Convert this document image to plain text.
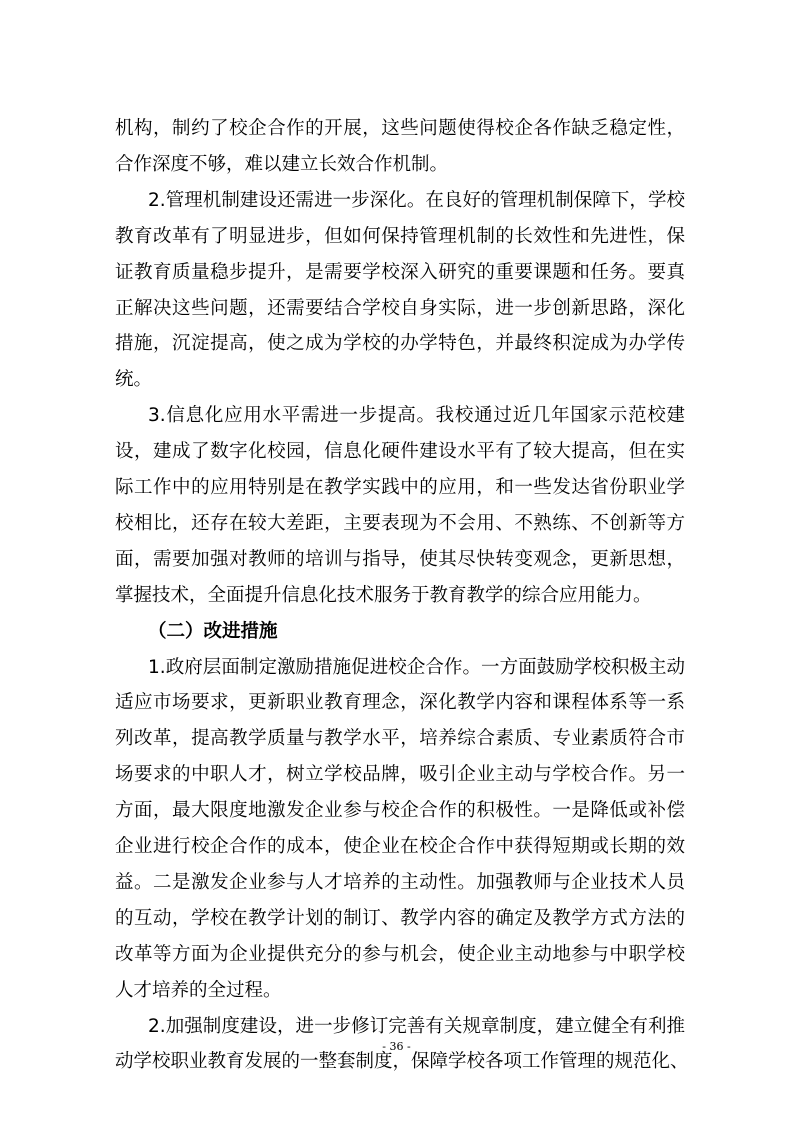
机构，制约了校企合作的开展，这些问题使得校企各作缺乏稳定性，
合作深度不够，难以建立长效合作机制。
2.管理机制建设还需进一步深化。在良好的管理机制保障下，学校
教育改革有了明显进步，但如何保持管理机制的长效性和先进性，保
证教育质量稳步提升，是需要学校深入研究的重要课题和任务。要真
正解决这些问题，还需要结合学校自身实际，进一步创新思路，深化
措施，沉淀提高，使之成为学校的办学特色，并最终积淀成为办学传
统。
3.信息化应用水平需进一步提高。我校通过近几年国家示范校建
设，建成了数字化校园，信息化硬件建设水平有了较大提高，但在实
际工作中的应用特别是在教学实践中的应用，和一些发达省份职业学
校相比，还存在较大差距，主要表现为不会用、不熟练、不创新等方
面，需要加强对教师的培训与指导，使其尽快转变观念，更新思想，
掌握技术，全面提升信息化技术服务于教育教学的综合应用能力。
（二）改进措施
1.政府层面制定激励措施促进校企合作。一方面鼓励学校积极主动
适应市场要求，更新职业教育理念，深化教学内容和课程体系等一系
列改革，提高教学质量与教学水平，培养综合素质、专业素质符合市
场要求的中职人才，树立学校品牌，吸引企业主动与学校合作。另一
方面，最大限度地激发企业参与校企合作的积极性。一是降低或补偿
企业进行校企合作的成本，使企业在校企合作中获得短期或长期的效
益。二是激发企业参与人才培养的主动性。加强教师与企业技术人员
的互动，学校在教学计划的制订、教学内容的确定及教学方式方法的
改革等方面为企业提供充分的参与机会，使企业主动地参与中职学校
人才培养的全过程。
2.加强制度建设，进一步修订完善有关规章制度，建立健全有利推
动学校职业教育发展的一整套制度，保障学校各项工作管理的规范化、
- 36 -
